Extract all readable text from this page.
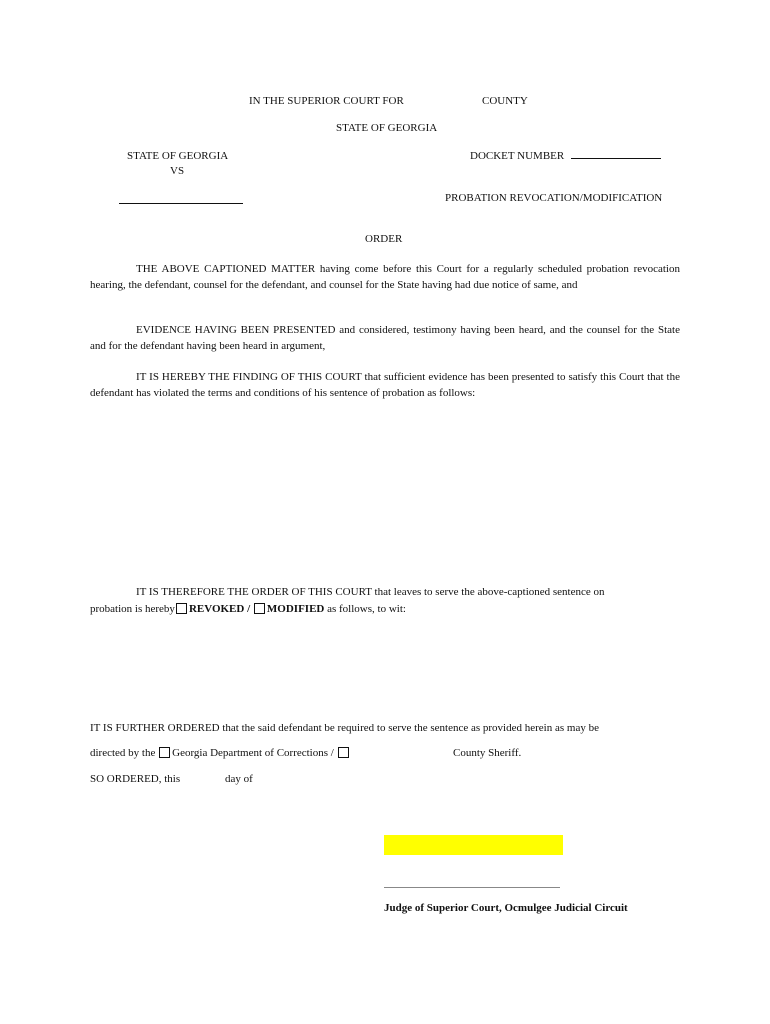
IN THE SUPERIOR COURT FOR	COUNTY
STATE OF GEORGIA
STATE OF GEORGIA
VS
DOCKET NUMBER
PROBATION REVOCATION/MODIFICATION
ORDER
THE ABOVE CAPTIONED MATTER having come before this Court for a regularly scheduled probation revocation hearing, the defendant, counsel for the defendant, and counsel for the State having had due notice of same, and
EVIDENCE HAVING BEEN PRESENTED and considered, testimony having been heard, and the counsel for the State and for the defendant having been heard in argument,
IT IS HEREBY THE FINDING OF THIS COURT that sufficient evidence has been presented to satisfy this Court that the defendant has violated the terms and conditions of his sentence of probation as follows:
IT IS THEREFORE THE ORDER OF THIS COURT that leaves to serve the above-captioned sentence on
probation is hereby REVOKED / MODIFIED as follows, to wit:
IT IS FURTHER ORDERED that the said defendant be required to serve the sentence as provided herein as may be
directed by the Georgia Department of Corrections /	County Sheriff.
SO ORDERED, this	day of
Judge of Superior Court, Ocmulgee Judicial Circuit
